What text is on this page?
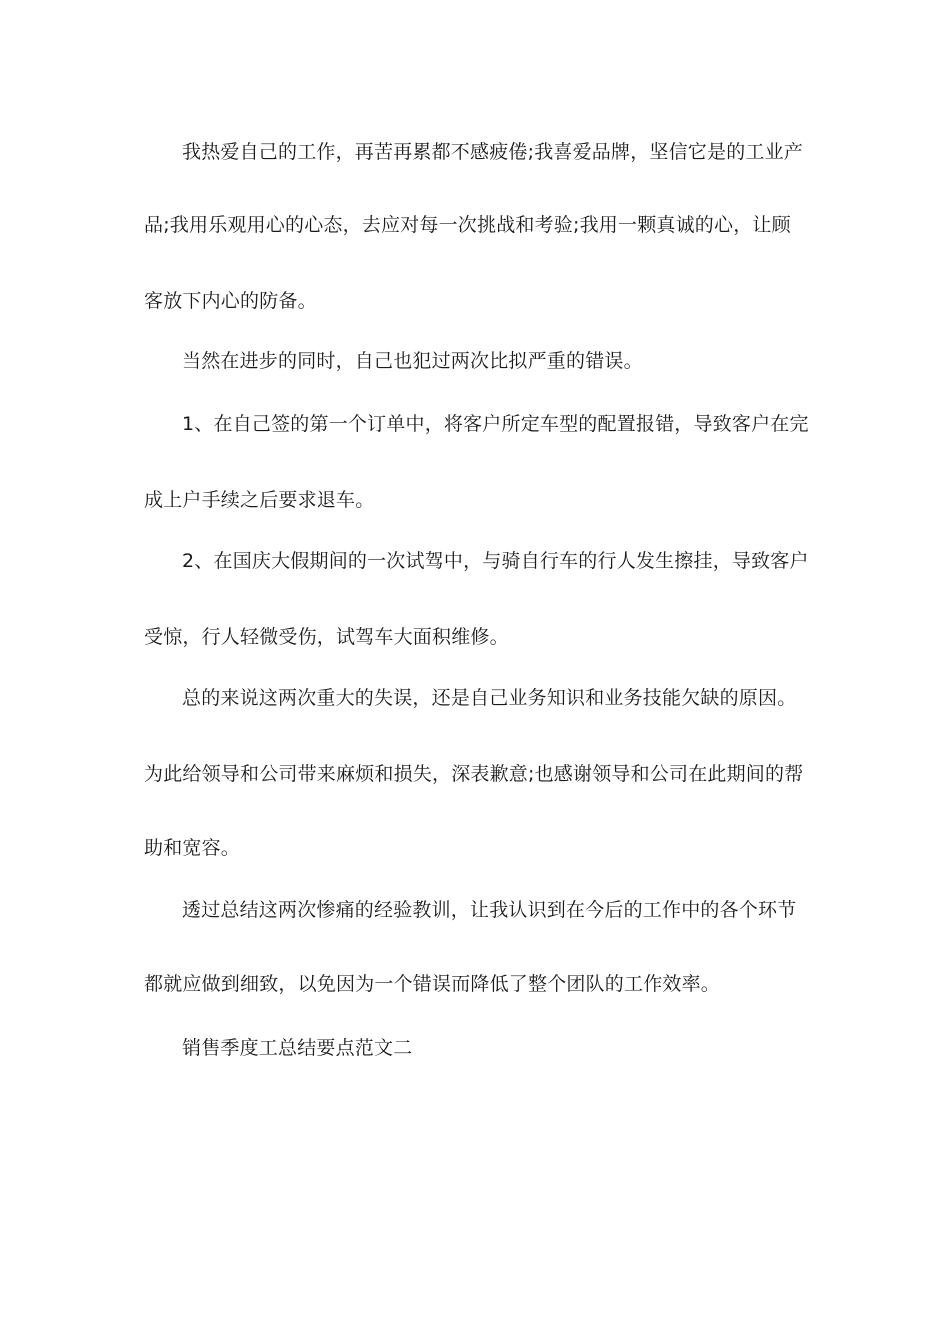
我热爱自己的工作，再苦再累都不感疲倦;我喜爱品牌，坚信它是的工业产
品;我用乐观用心的心态，去应对每一次挑战和考验;我用一颗真诚的心，让顾
客放下内心的防备。
当然在进步的同时，自己也犯过两次比拟严重的错误。
1、在自己签的第一个订单中，将客户所定车型的配置报错，导致客户在完
成上户手续之后要求退车。
2、在国庆大假期间的一次试驾中，与骑自行车的行人发生擦挂，导致客户
受惊，行人轻微受伤，试驾车大面积维修。
总的来说这两次重大的失误，还是自己业务知识和业务技能欠缺的原因。
为此给领导和公司带来麻烦和损失，深表歉意;也感谢领导和公司在此期间的帮
助和宽容。
透过总结这两次惨痛的经验教训，让我认识到在今后的工作中的各个环节
都就应做到细致，以免因为一个错误而降低了整个团队的工作效率。
销售季度工总结要点范文二
